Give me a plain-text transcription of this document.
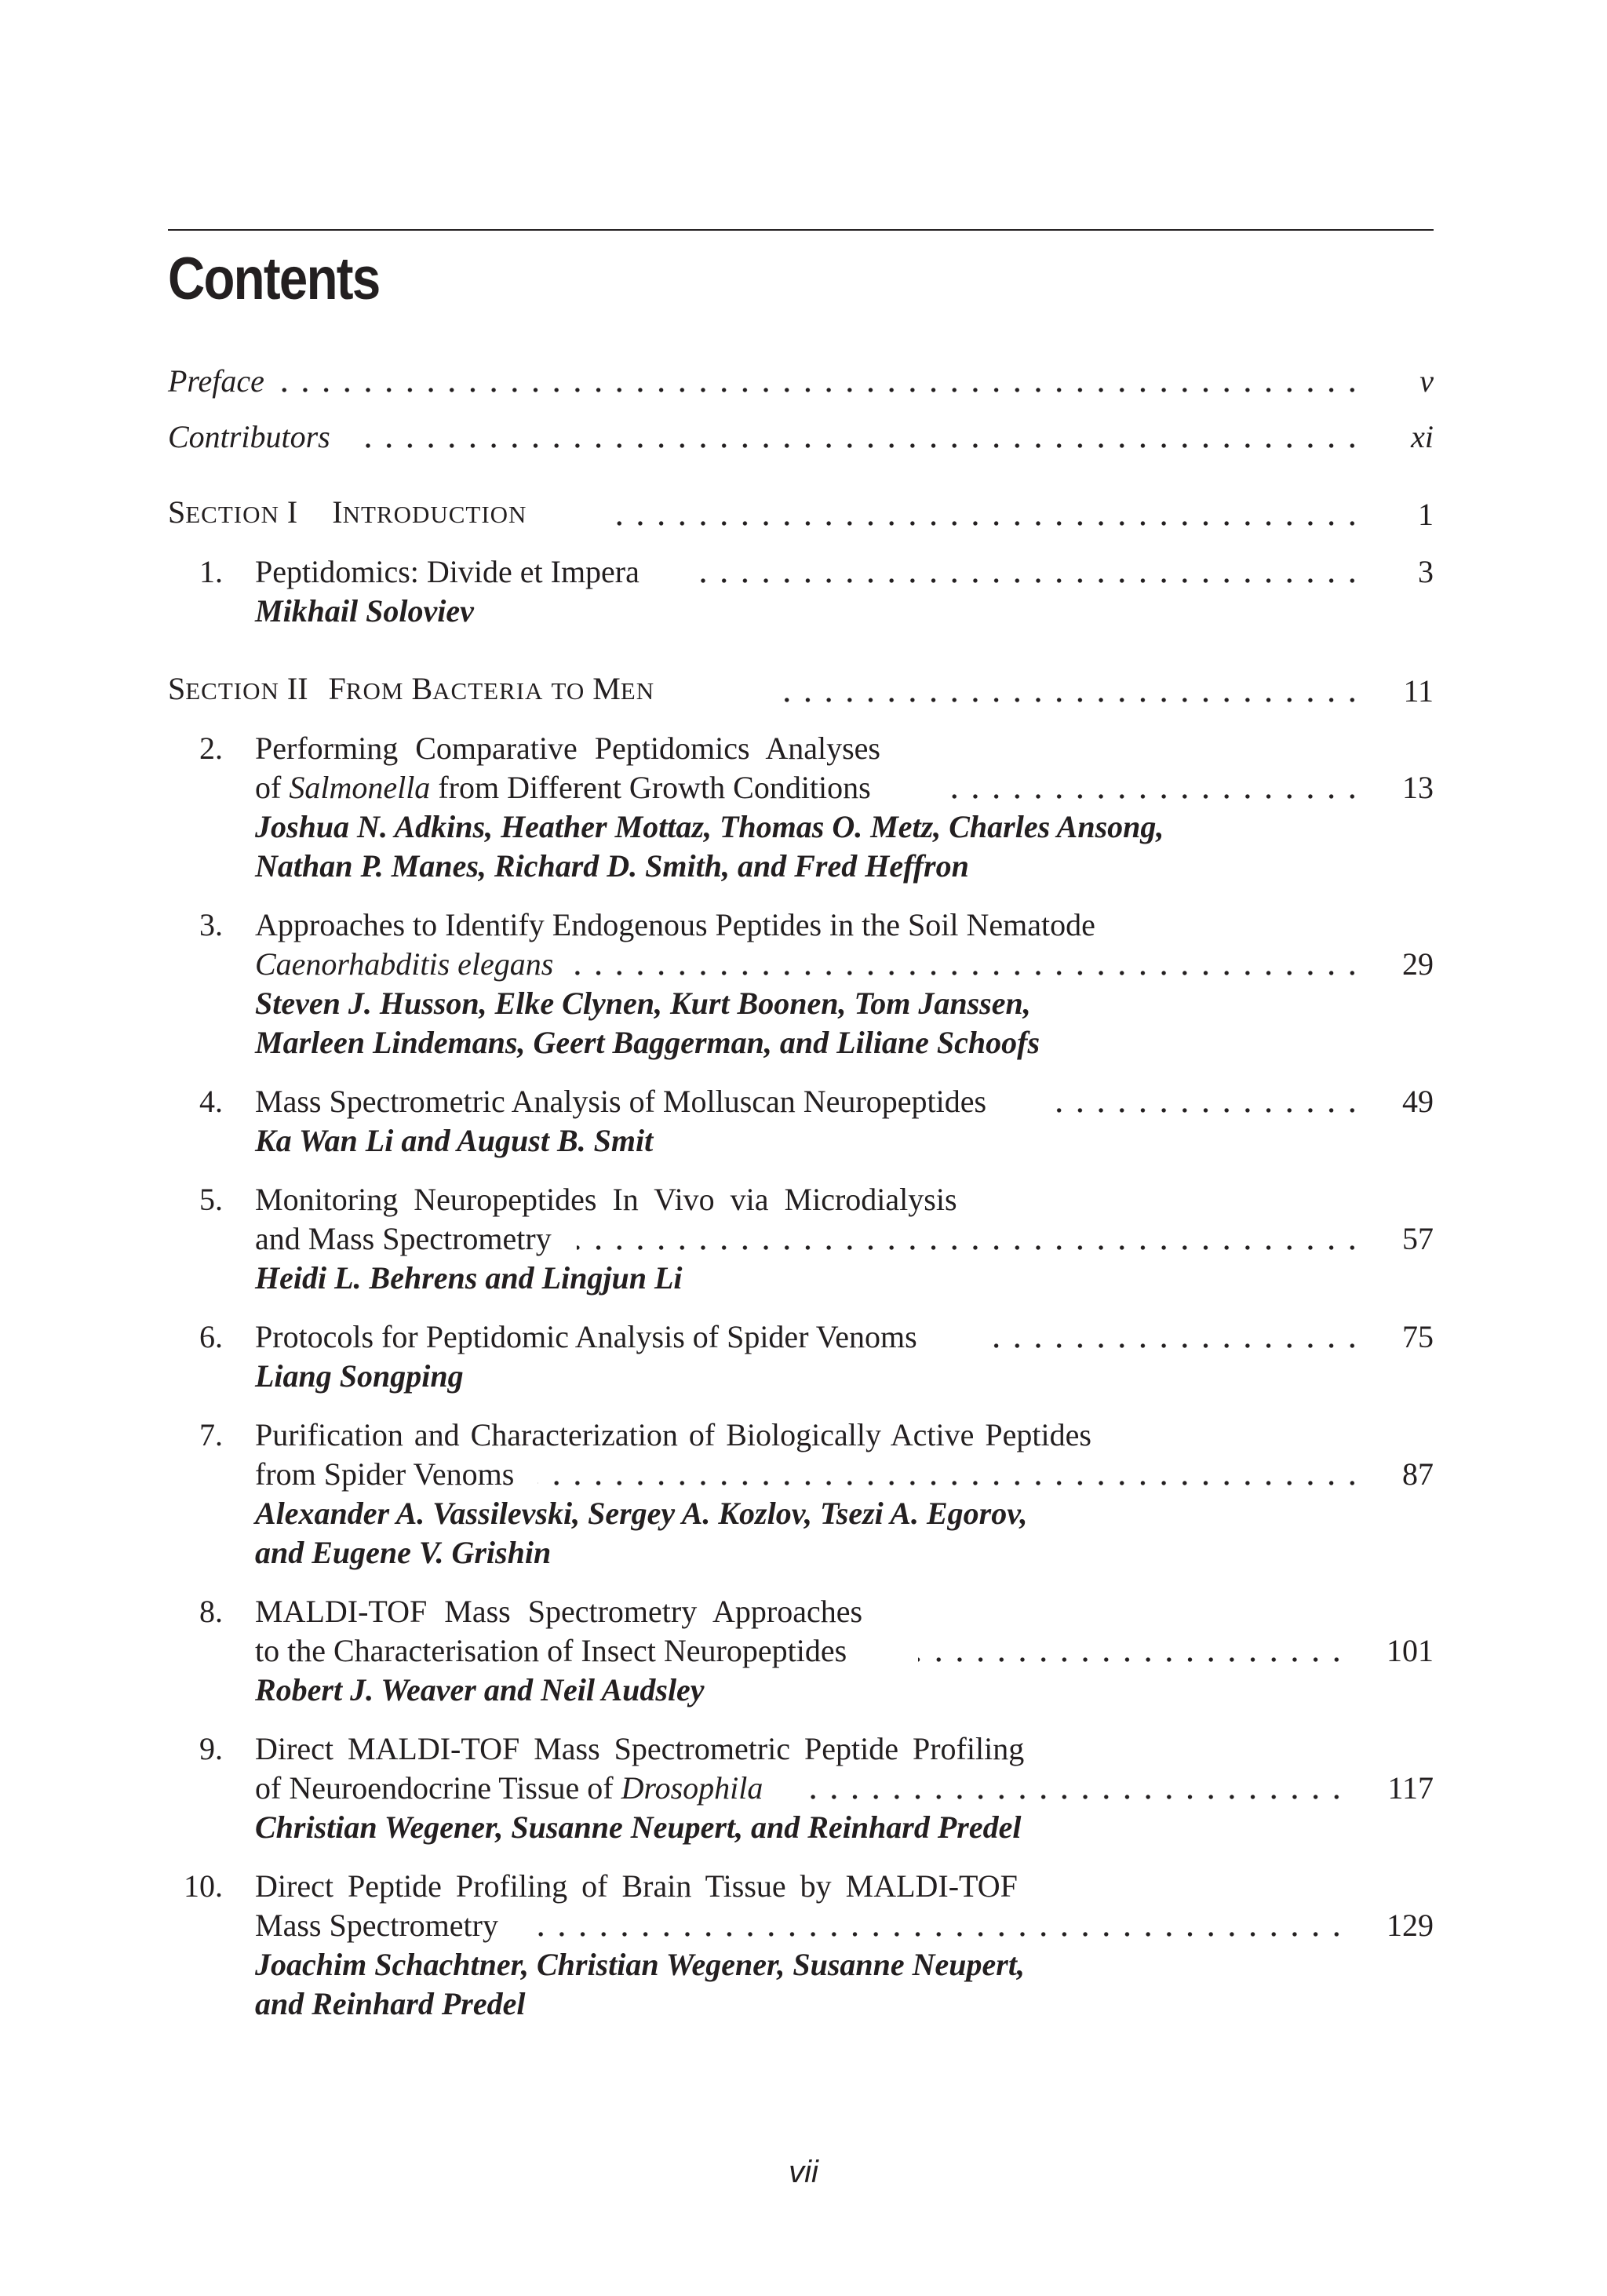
Contents
Preface	v
Contributors	xi
SECTION I INTRODUCTION	1
1. Peptidomics: Divide et Impera	3
Mikhail Soloviev
SECTION II FROM BACTERIA TO MEN	11
2. Performing Comparative Peptidomics Analyses
of Salmonella from Different Growth Conditions	13
Joshua N. Adkins, Heather Mottaz, Thomas O. Metz, Charles Ansong,
Nathan P. Manes, Richard D. Smith, and Fred Heffron
3. Approaches to Identify Endogenous Peptides in the Soil Nematode
Caenorhabditis elegans	29
Steven J. Husson, Elke Clynen, Kurt Boonen, Tom Janssen,
Marleen Lindemans, Geert Baggerman, and Liliane Schoofs
4. Mass Spectrometric Analysis of Molluscan Neuropeptides	49
Ka Wan Li and August B. Smit
5. Monitoring Neuropeptides In Vivo via Microdialysis
and Mass Spectrometry	57
Heidi L. Behrens and Lingjun Li
6. Protocols for Peptidomic Analysis of Spider Venoms	75
Liang Songping
7. Purification and Characterization of Biologically Active Peptides
from Spider Venoms	87
Alexander A. Vassilevski, Sergey A. Kozlov, Tsezi A. Egorov,
and Eugene V. Grishin
8. MALDI-TOF Mass Spectrometry Approaches
to the Characterisation of Insect Neuropeptides	101
Robert J. Weaver and Neil Audsley
9. Direct MALDI-TOF Mass Spectrometric Peptide Profiling
of Neuroendocrine Tissue of Drosophila	117
Christian Wegener, Susanne Neupert, and Reinhard Predel
10. Direct Peptide Profiling of Brain Tissue by MALDI-TOF
Mass Spectrometry	129
Joachim Schachtner, Christian Wegener, Susanne Neupert,
and Reinhard Predel
vii
